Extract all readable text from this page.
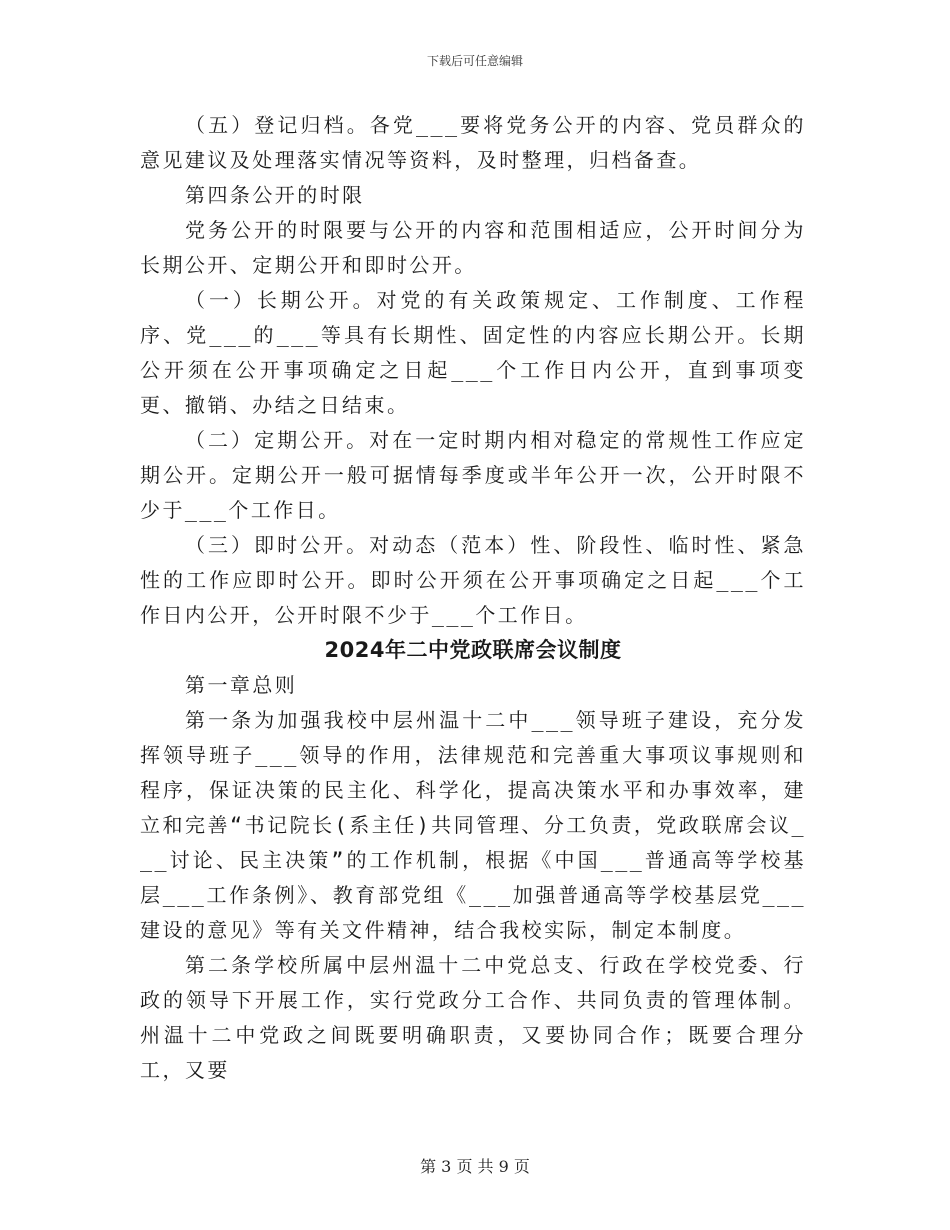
下载后可任意编辑

（五）登记归档。各党___要将党务公开的内容、党员群众的意见建议及处理落实情况等资料，及时整理，归档备查。

第四条公开的时限

党务公开的时限要与公开的内容和范围相适应，公开时间分为长期公开、定期公开和即时公开。

（一）长期公开。对党的有关政策规定、工作制度、工作程序、党___的___等具有长期性、固定性的内容应长期公开。长期公开须在公开事项确定之日起___个工作日内公开，直到事项变更、撤销、办结之日结束。

（二）定期公开。对在一定时期内相对稳定的常规性工作应定期公开。定期公开一般可据情每季度或半年公开一次，公开时限不少于___个工作日。

（三）即时公开。对动态（范本）性、阶段性、临时性、紧急性的工作应即时公开。即时公开须在公开事项确定之日起___个工作日内公开，公开时限不少于___个工作日。

2024年二中党政联席会议制度

第一章总则

第一条为加强我校中层州温十二中___领导班子建设，充分发挥领导班子___领导的作用，法律规范和完善重大事项议事规则和程序，保证决策的民主化、科学化，提高决策水平和办事效率，建立和完善“书记院长(系主任)共同管理、分工负责，党政联席会议___讨论、民主决策”的工作机制，根据《中国___普通高等学校基层___工作条例》、教育部党组《___加强普通高等学校基层党___建设的意见》等有关文件精神，结合我校实际，制定本制度。

第二条学校所属中层州温十二中党总支、行政在学校党委、行政的领导下开展工作，实行党政分工合作、共同负责的管理体制。州温十二中党政之间既要明确职责，又要协同合作；既要合理分工，又要

第 3 页 共 9 页
